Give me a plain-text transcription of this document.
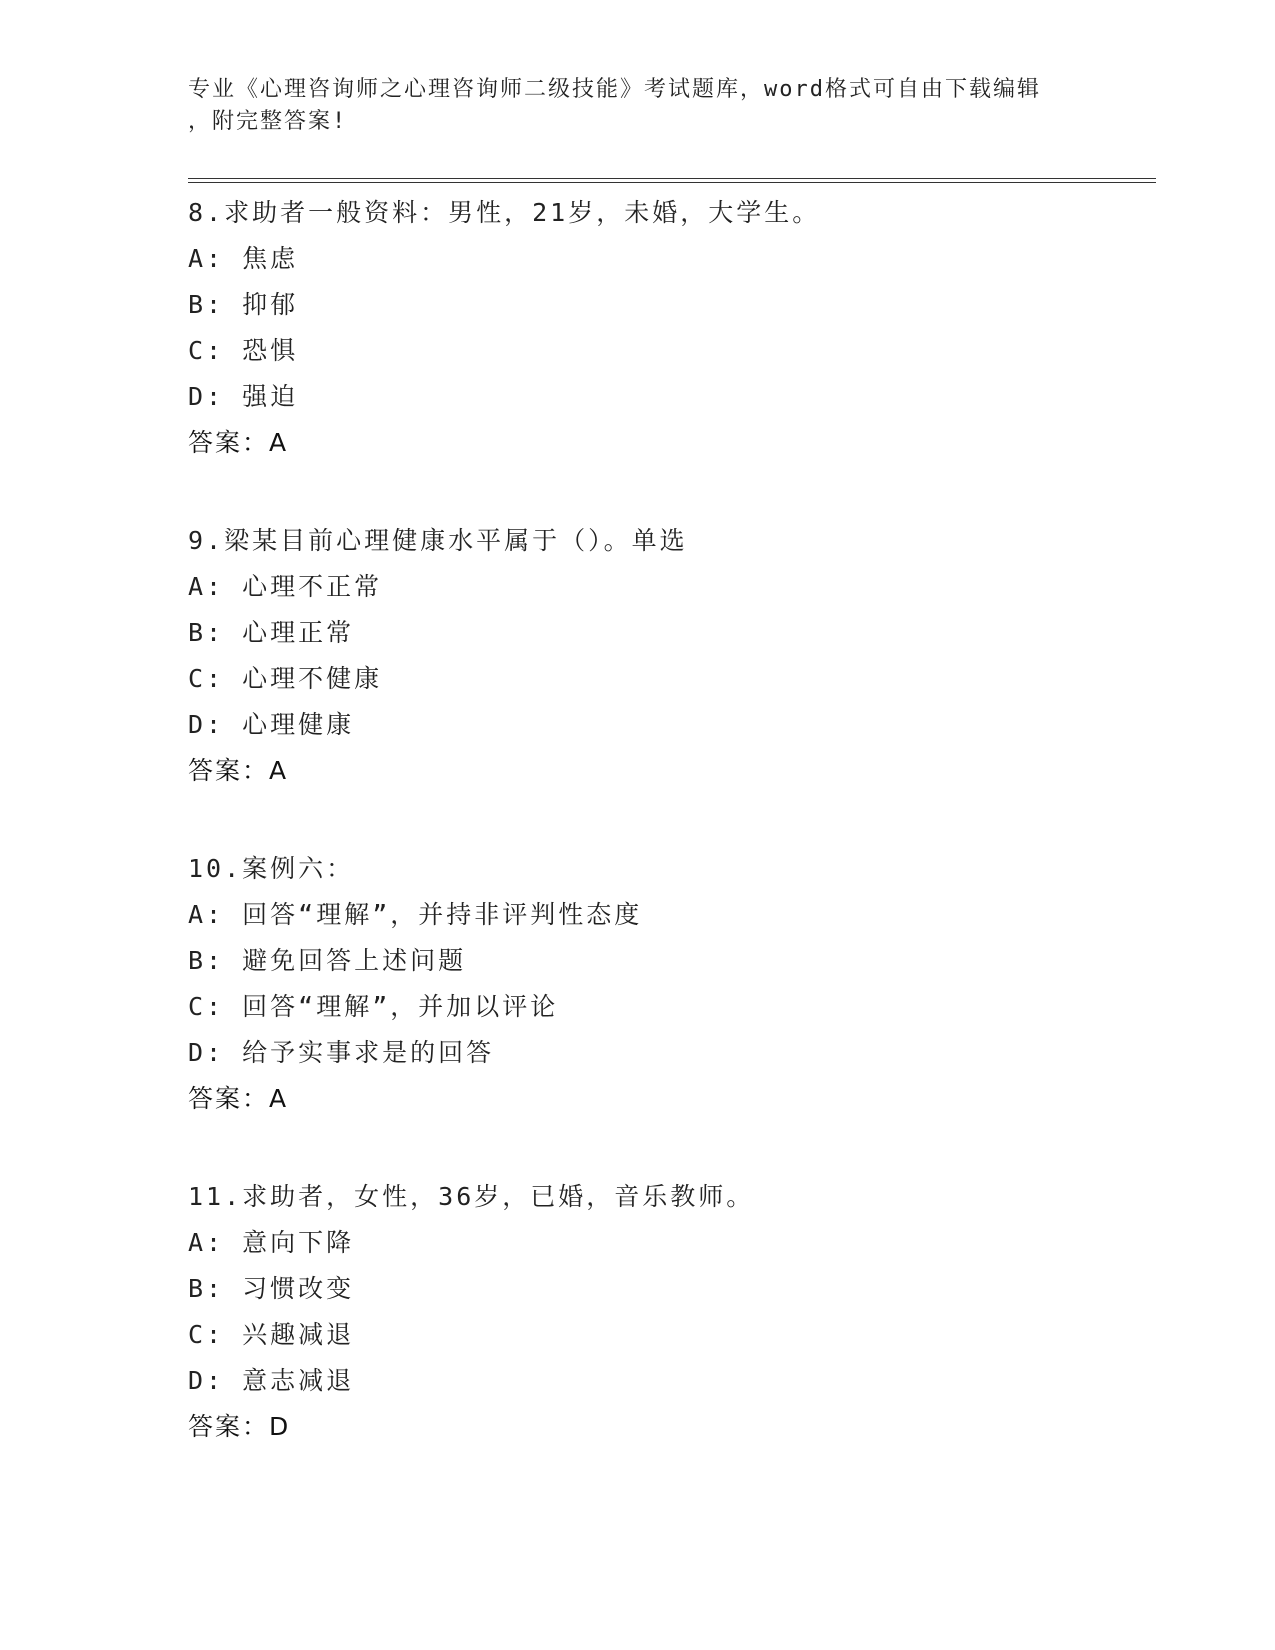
专业《心理咨询师之心理咨询师二级技能》考试题库，word格式可自由下载编辑
，附完整答案!
8.求助者一般资料：男性，21岁，未婚，大学生。
A: 焦虑
B: 抑郁
C: 恐惧
D: 强迫
答案：A
9.梁某目前心理健康水平属于（）。单选
A: 心理不正常
B: 心理正常
C: 心理不健康
D: 心理健康
答案：A
10.案例六：
A: 回答“理解”，并持非评判性态度
B: 避免回答上述问题
C: 回答“理解”，并加以评论
D: 给予实事求是的回答
答案：A
11.求助者，女性，36岁，已婚，音乐教师。
A: 意向下降
B: 习惯改变
C: 兴趣减退
D: 意志减退
答案：D
